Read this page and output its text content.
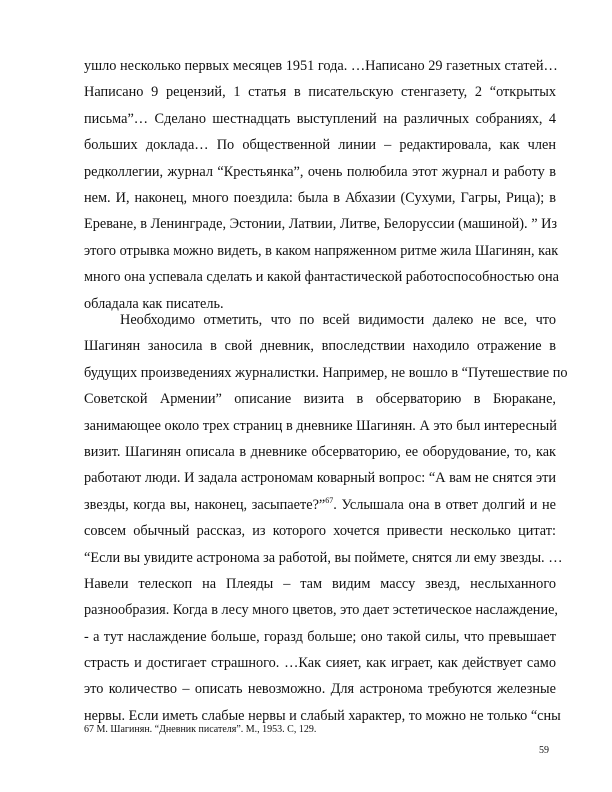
ушло несколько первых месяцев 1951 года. …Написано 29 газетных статей…
Написано 9 рецензий, 1 статья в писательскую стенгазету, 2 “открытых
письма”… Сделано шестнадцать выступлений на различных собраниях, 4
больших доклада… По общественной линии – редактировала, как член
редколлегии, журнал “Крестьянка”, очень полюбила этот журнал и работу в
нем. И, наконец, много поездила: была в Абхазии (Сухуми, Гагры, Рица); в
Ереване, в Ленинграде, Эстонии, Латвии, Литве, Белоруссии (машиной). ” Из
этого отрывка можно видеть, в каком напряженном ритме жила Шагинян, как
много она успевала сделать и какой фантастической работоспособностью она
обладала как писатель.
Необходимо отметить, что по всей видимости далеко не все, что
Шагинян заносила в свой дневник, впоследствии находило отражение в
будущих произведениях журналистки. Например, не вошло в “Путешествие по
Советской Армении” описание визита в обсерваторию в Бюракане,
занимающее около трех страниц в дневнике Шагинян. А это был интересный
визит. Шагинян описала в дневнике обсерваторию, ее оборудование, то, как
работают люди. И задала астрономам коварный вопрос: “А вам не снятся эти
звезды, когда вы, наконец, засыпаете?”$^{67}$. Услышала она в ответ долгий и не
совсем обычный рассказ, из которого хочется привести несколько цитат:
“Если вы увидите астронома за работой, вы поймете, снятся ли ему звезды. …
Навели телескоп на Плеяды – там видим массу звезд, неслыханного
разнообразия. Когда в лесу много цветов, это дает эстетическое наслаждение,
- а тут наслаждение больше, горазд больше; оно такой силы, что превышает
страсть и достигает страшного. …Как сияет, как играет, как действует само
это количество – описать невозможно. Для астронома требуются железные
нервы. Если иметь слабые нервы и слабый характер, то можно не только “сны
67 М. Шагинян. “Дневник писателя”. М., 1953. С, 129.
59
